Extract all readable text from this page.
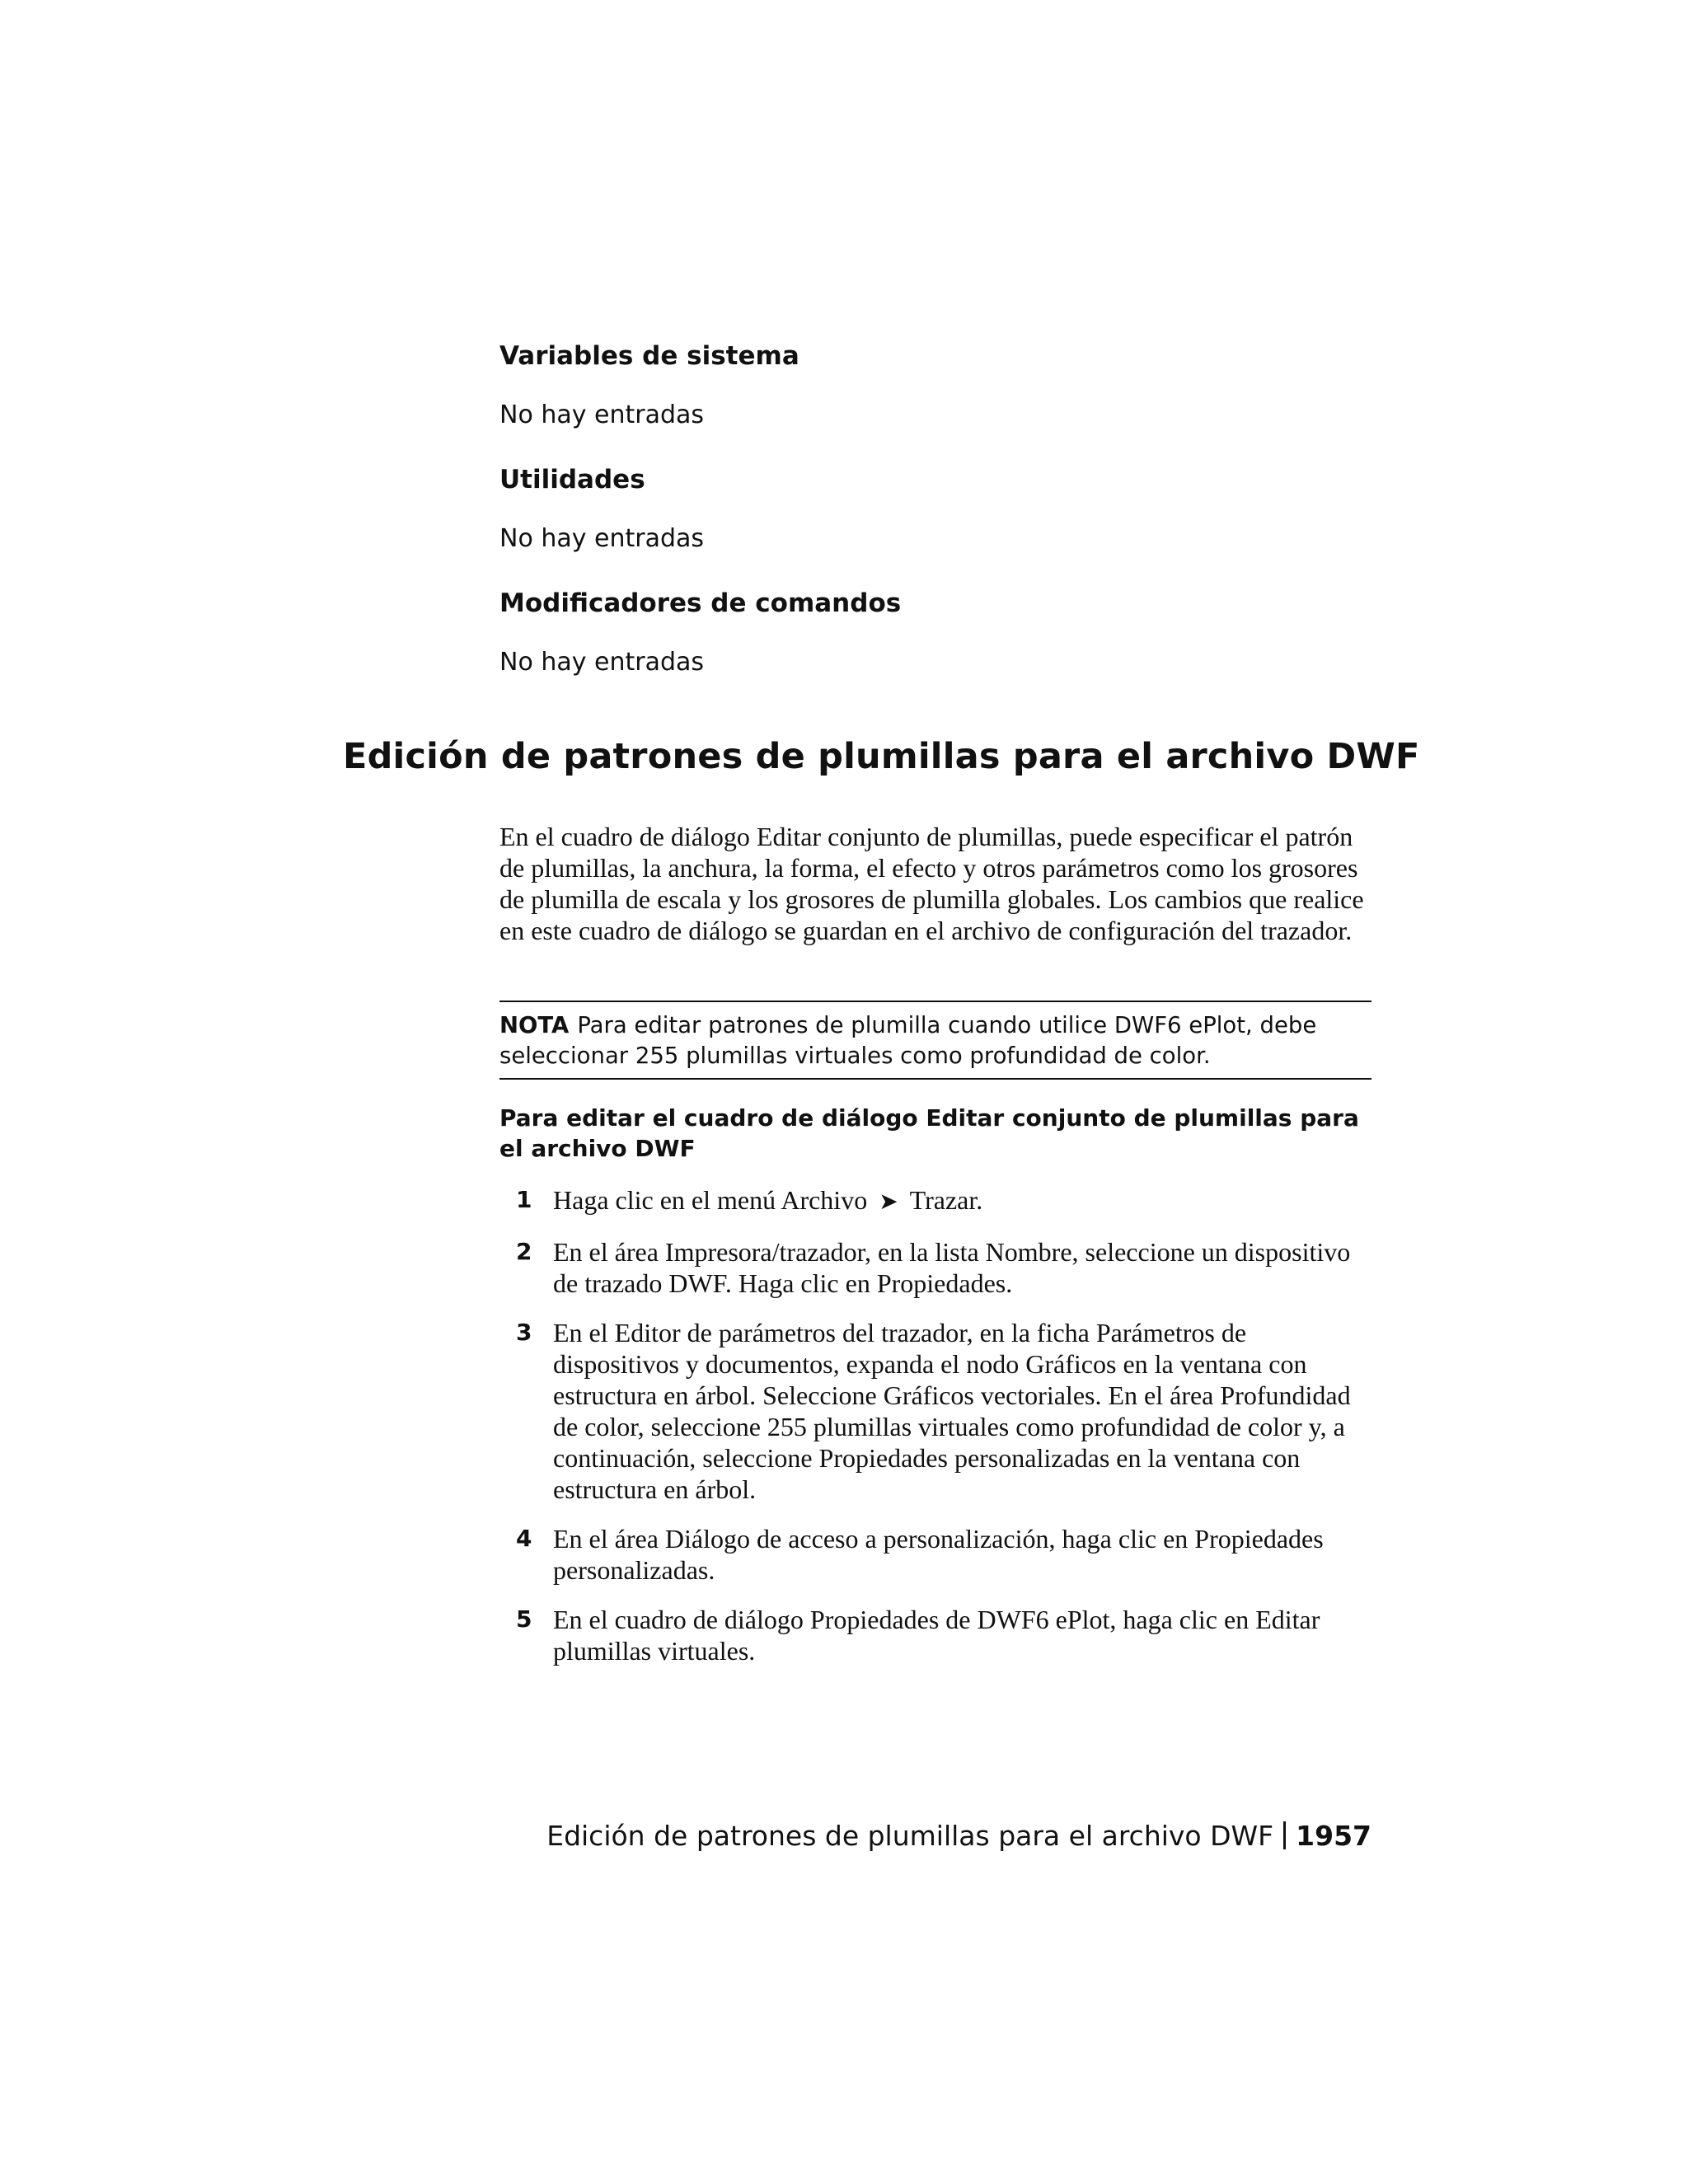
Variables de sistema

No hay entradas

Utilidades

No hay entradas

Modificadores de comandos

No hay entradas

Edición de patrones de plumillas para el archivo DWF

En el cuadro de diálogo Editar conjunto de plumillas, puede especificar el patrón de plumillas, la anchura, la forma, el efecto y otros parámetros como los grosores de plumilla de escala y los grosores de plumilla globales. Los cambios que realice en este cuadro de diálogo se guardan en el archivo de configuración del trazador.

NOTA Para editar patrones de plumilla cuando utilice DWF6 ePlot, debe seleccionar 255 plumillas virtuales como profundidad de color.
Para editar el cuadro de diálogo Editar conjunto de plumillas para el archivo DWF
1 Haga clic en el menú Archivo ➤ Trazar.
2 En el área Impresora/trazador, en la lista Nombre, seleccione un dispositivo de trazado DWF. Haga clic en Propiedades.
3 En el Editor de parámetros del trazador, en la ficha Parámetros de dispositivos y documentos, expanda el nodo Gráficos en la ventana con estructura en árbol. Seleccione Gráficos vectoriales. En el área Profundidad de color, seleccione 255 plumillas virtuales como profundidad de color y, a continuación, seleccione Propiedades personalizadas en la ventana con estructura en árbol.
4 En el área Diálogo de acceso a personalización, haga clic en Propiedades personalizadas.
5 En el cuadro de diálogo Propiedades de DWF6 ePlot, haga clic en Editar plumillas virtuales.
Edición de patrones de plumillas para el archivo DWF 1957
